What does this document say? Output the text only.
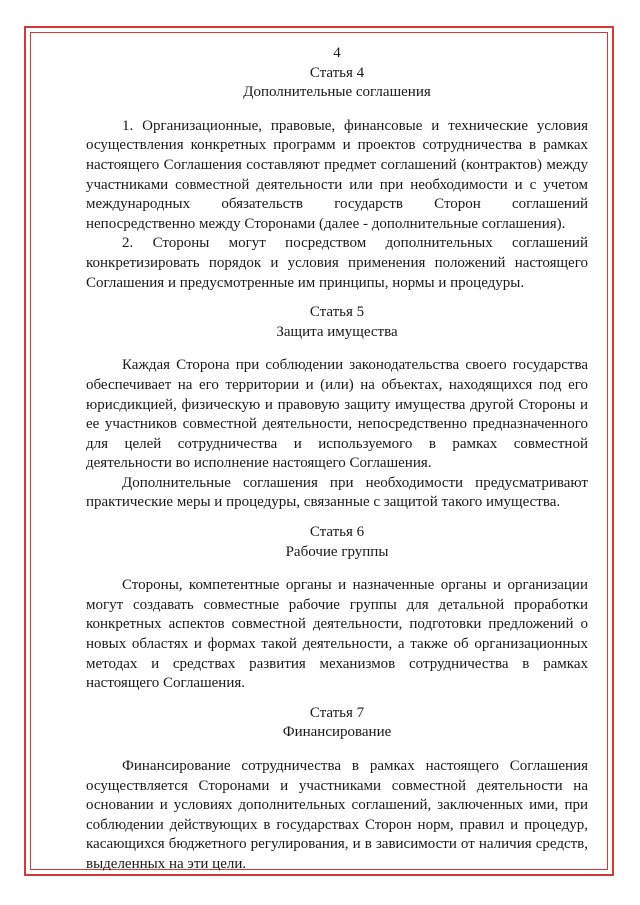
4

Статья 4

Дополнительные соглашения

1. Организационные, правовые, финансовые и технические условия осуществления конкретных программ и проектов сотрудничества в рамках настоящего Соглашения составляют предмет соглашений (контрактов) между участниками совместной деятельности или при необходимости и с учетом международных обязательств государств Сторон соглашений непосредственно между Сторонами (далее - дополнительные соглашения).

2. Стороны могут посредством дополнительных соглашений конкретизировать порядок и условия применения положений настоящего Соглашения и предусмотренные им принципы, нормы и процедуры.

Статья 5

Защита имущества

Каждая Сторона при соблюдении законодательства своего государства обеспечивает на его территории и (или) на объектах, находящихся под его юрисдикцией, физическую и правовую защиту имущества другой Стороны и ее участников совместной деятельности, непосредственно предназначенного для целей сотрудничества и используемого в рамках совместной деятельности во исполнение настоящего Соглашения.

Дополнительные соглашения при необходимости предусматривают практические меры и процедуры, связанные с защитой такого имущества.

Статья 6

Рабочие группы

Стороны, компетентные органы и назначенные органы и организации могут создавать совместные рабочие группы для детальной проработки конкретных аспектов совместной деятельности, подготовки предложений о новых областях и формах такой деятельности, а также об организационных методах и средствах развития механизмов сотрудничества в рамках настоящего Соглашения.

Статья 7

Финансирование

Финансирование сотрудничества в рамках настоящего Соглашения осуществляется Сторонами и участниками совместной деятельности на основании и условиях дополнительных соглашений, заключенных ими, при соблюдении действующих в государствах Сторон норм, правил и процедур, касающихся бюджетного регулирования, и в зависимости от наличия средств, выделенных на эти цели.
